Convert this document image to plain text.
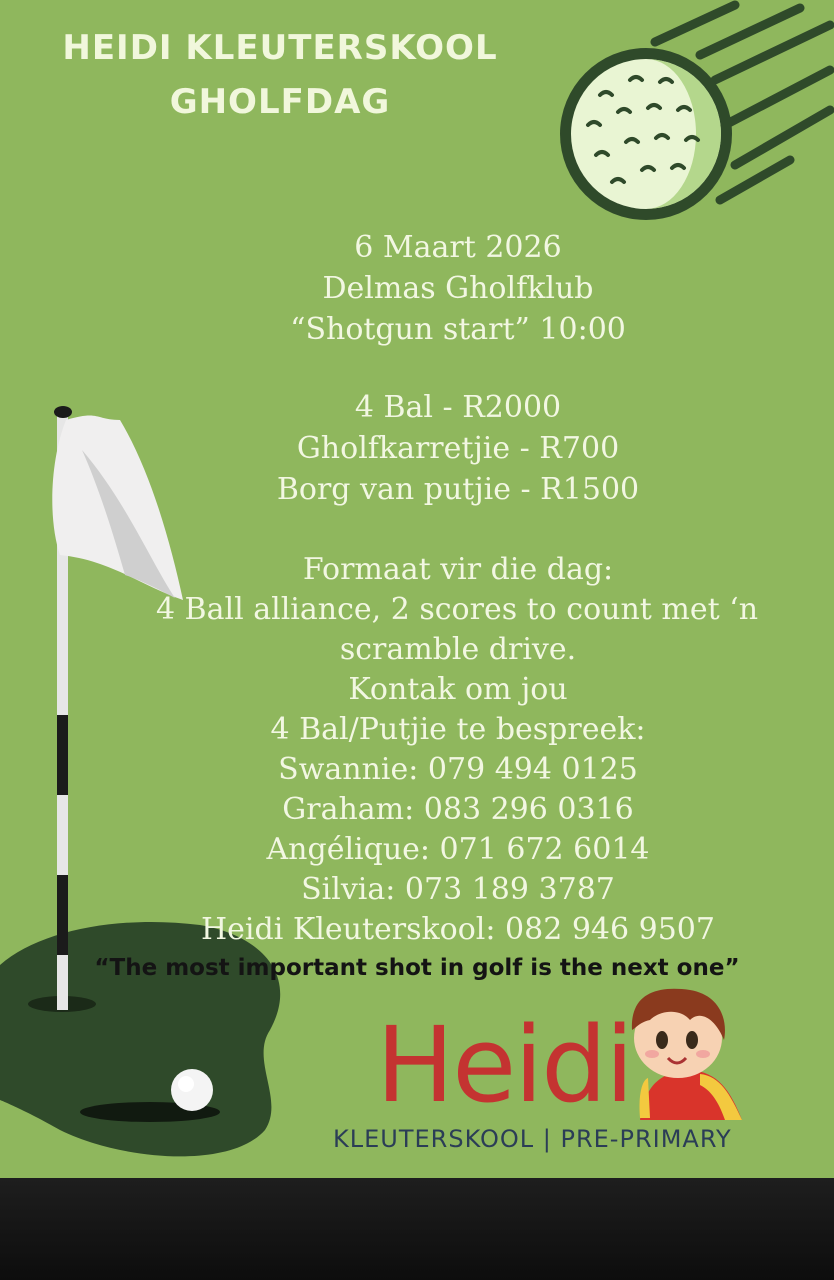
HEIDI KLEUTERSKOOL
GHOLFDAG
6 Maart 2026
Delmas Gholfklub
“Shotgun start” 10:00
4 Bal - R2000
Gholfkarretjie - R700
Borg van putjie - R1500
Formaat vir die dag:
4 Ball alliance, 2 scores to count met ‘n
scramble drive.
Kontak om jou
4 Bal/Putjie te bespreek:
Swannie: 079 494 0125
Graham: 083 296 0316
Angélique: 071 672 6014
Silvia: 073 189 3787
Heidi Kleuterskool: 082 946 9507
“The most important shot in golf is the next one”
Heidi
KLEUTERSKOOL | PRE-PRIMARY
